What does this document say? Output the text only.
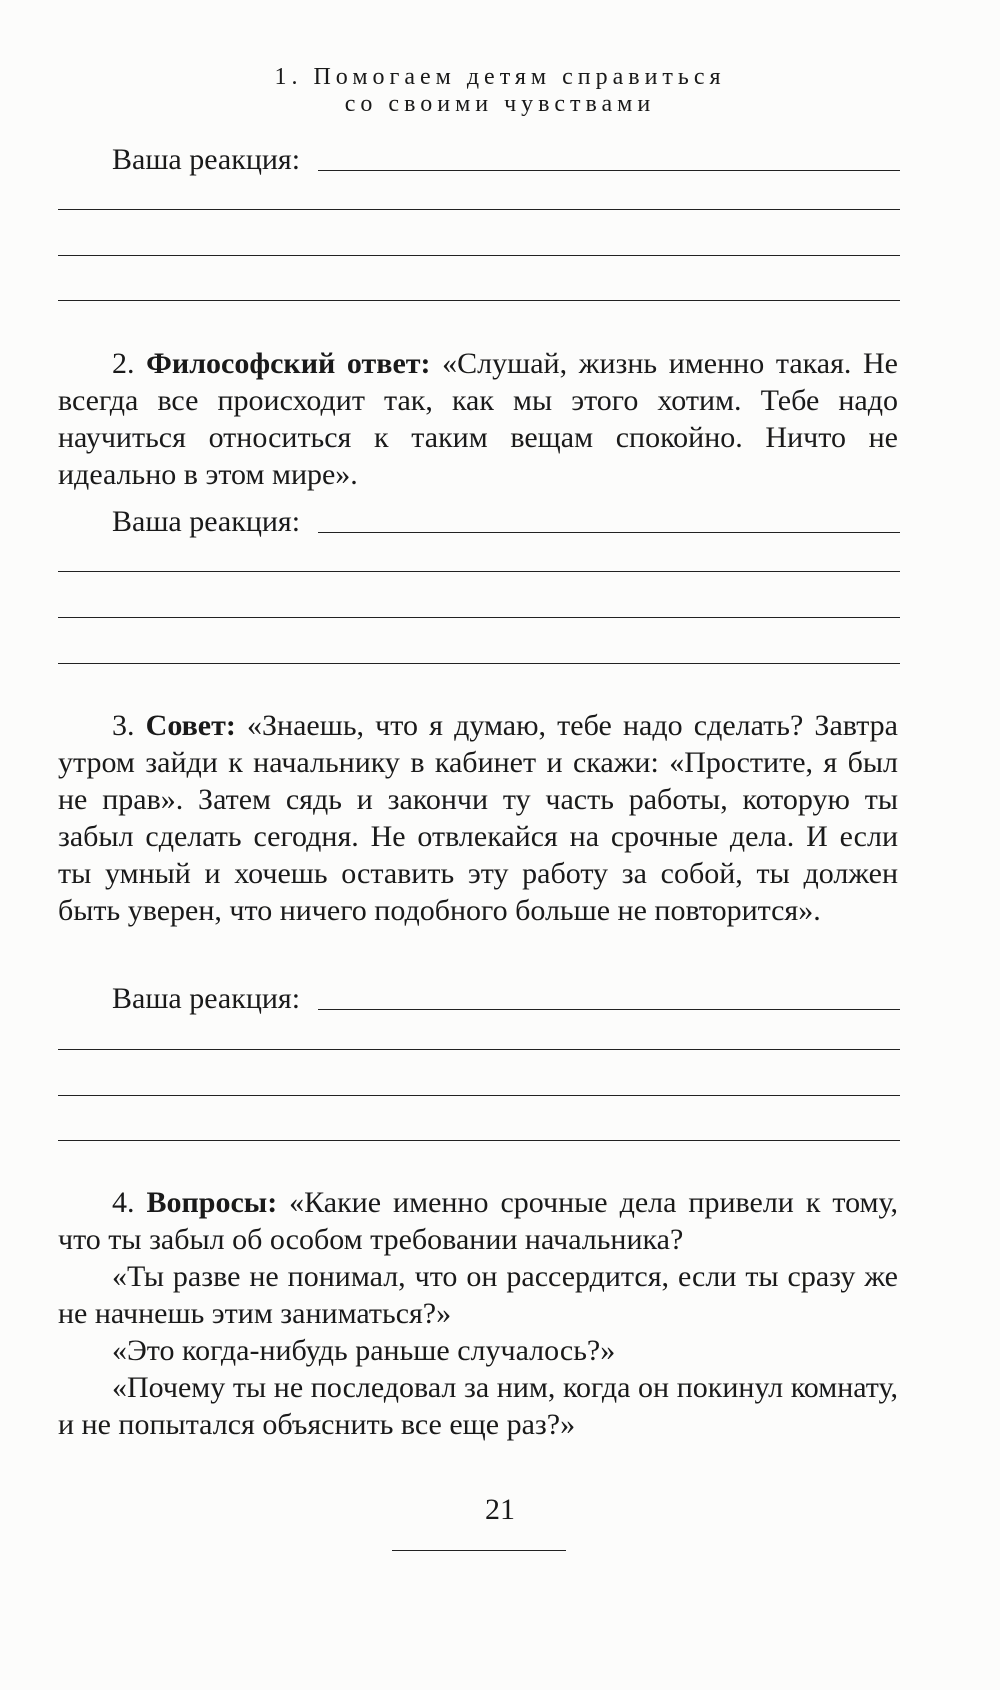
1. Помогаем детям справиться
со своими чувствами
Ваша реакция:

2. Философский ответ: «Слушай, жизнь именно такая. Не всегда все происходит так, как мы этого хотим. Тебе надо научиться относиться к таким вещам спокойно. Ничто не идеально в этом мире».

Ваша реакция:

3. Совет: «Знаешь, что я думаю, тебе надо сделать? Завтра утром зайди к начальнику в кабинет и скажи: «Простите, я был не прав». Затем сядь и закончи ту часть работы, которую ты забыл сделать сегодня. Не отвлекайся на срочные дела. И если ты умный и хочешь оставить эту работу за собой, ты должен быть уверен, что ничего подобного больше не повторится».

Ваша реакция:

4. Вопросы: «Какие именно срочные дела привели к тому, что ты забыл об особом требовании начальника?

«Ты разве не понимал, что он рассердится, если ты сразу же не начнешь этим заниматься?»

«Это когда-нибудь раньше случалось?»

«Почему ты не последовал за ним, когда он покинул комнату, и не попытался объяснить все еще раз?»

21
